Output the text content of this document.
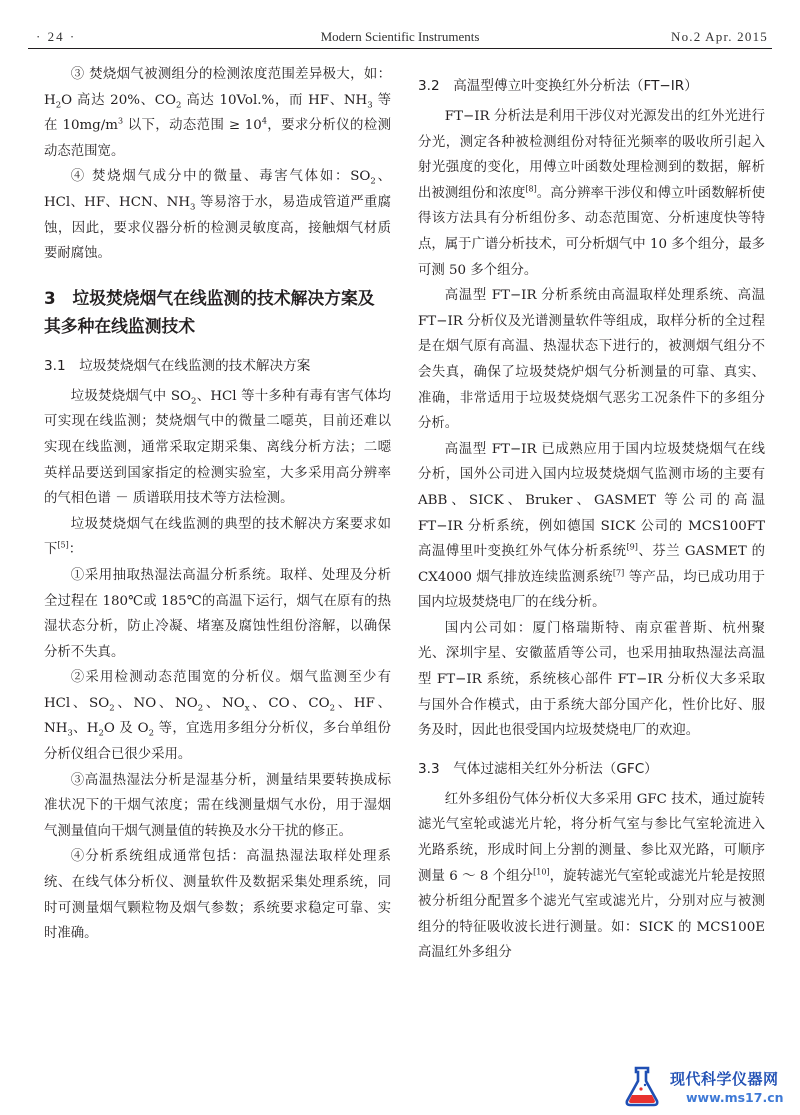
· 24 ·	Modern Scientific Instruments	No.2 Apr. 2015

③ 焚烧烟气被测组分的检测浓度范围差异极大，如：$H_2O$ 高达 20%、$CO_2$ 高达 10Vol.%，而 HF、$NH_3$ 等在 $10mg/m^3$ 以下，动态范围 ≥ $10^4$，要求分析仪的检测动态范围宽。

④ 焚烧烟气成分中的微量、毒害气体如：$SO_2$、HCl、HF、HCN、$NH_3$ 等易溶于水，易造成管道严重腐蚀，因此，要求仪器分析的检测灵敏度高，接触烟气材质要耐腐蚀。

3　垃圾焚烧烟气在线监测的技术解决方案及其多种在线监测技术
3.1　垃圾焚烧烟气在线监测的技术解决方案

垃圾焚烧烟气中 $SO_2$、HCl 等十多种有毒有害气体均可实现在线监测；焚烧烟气中的微量二噁英，目前还难以实现在线监测，通常采取定期采集、离线分析方法；二噁英样品要送到国家指定的检测实验室，大多采用高分辨率的气相色谱 － 质谱联用技术等方法检测。

垃圾焚烧烟气在线监测的典型的技术解决方案要求如下[5]：

①采用抽取热湿法高温分析系统。取样、处理及分析全过程在 180℃或 185℃的高温下运行，烟气在原有的热湿状态分析，防止冷凝、堵塞及腐蚀性组份溶解，以确保分析不失真。

②采用检测动态范围宽的分析仪。烟气监测至少有 HCl、$SO_2$、NO、$NO_2$、$NO_x$、CO、$CO_2$、HF、$NH_3$、$H_2O$ 及 $O_2$ 等，宜选用多组分分析仪，多台单组份分析仪组合已很少采用。

③高温热湿法分析是湿基分析，测量结果要转换成标准状况下的干烟气浓度；需在线测量烟气水份，用于湿烟气测量值向干烟气测量值的转换及水分干扰的修正。

④分析系统组成通常包括：高温热湿法取样处理系统、在线气体分析仪、测量软件及数据采集处理系统，同时可测量烟气颗粒物及烟气参数；系统要求稳定可靠、实时准确。

3.2　高温型傅立叶变换红外分析法（FT−IR）

FT−IR 分析法是利用干涉仪对光源发出的红外光进行分光，测定各种被检测组份对特征光频率的吸收所引起入射光强度的变化，用傅立叶函数处理检测到的数据，解析出被测组份和浓度[8]。高分辨率干涉仪和傅立叶函数解析使得该方法具有分析组份多、动态范围宽、分析速度快等特点，属于广谱分析技术，可分析烟气中 10 多个组分，最多可测 50 多个组分。

高温型 FT−IR 分析系统由高温取样处理系统、高温 FT−IR 分析仪及光谱测量软件等组成，取样分析的全过程是在烟气原有高温、热湿状态下进行的，被测烟气组分不会失真，确保了垃圾焚烧炉烟气分析测量的可靠、真实、准确，非常适用于垃圾焚烧烟气恶劣工况条件下的多组分分析。

高温型 FT−IR 已成熟应用于国内垃圾焚烧烟气在线分析，国外公司进入国内垃圾焚烧烟气监测市场的主要有 ABB、SICK、Bruker、GASMET 等公司的高温 FT−IR 分析系统，例如德国 SICK 公司的 MCS100FT 高温傅里叶变换红外气体分析系统[9]、芬兰 GASMET 的 CX4000 烟气排放连续监测系统[7] 等产品，均已成功用于国内垃圾焚烧电厂的在线分析。

国内公司如：厦门格瑞斯特、南京霍普斯、杭州聚光、深圳宇星、安徽蓝盾等公司，也采用抽取热湿法高温型 FT−IR 系统，系统核心部件 FT−IR 分析仪大多采取与国外合作模式，由于系统大部分国产化，性价比好、服务及时，因此也很受国内垃圾焚烧电厂的欢迎。

3.3　气体过滤相关红外分析法（GFC）

红外多组份气体分析仪大多采用 GFC 技术，通过旋转滤光气室轮或滤光片轮，将分析气室与参比气室轮流进入光路系统，形成时间上分割的测量、参比双光路，可顺序测量 6 ～ 8 个组分[10]，旋转滤光气室轮或滤光片轮是按照被分析组分配置多个滤光气室或滤光片，分别对应与被测组分的特征吸收波长进行测量。如：SICK 的 MCS100E 高温红外多组分

现代科学仪器网
www.ms17.cn
